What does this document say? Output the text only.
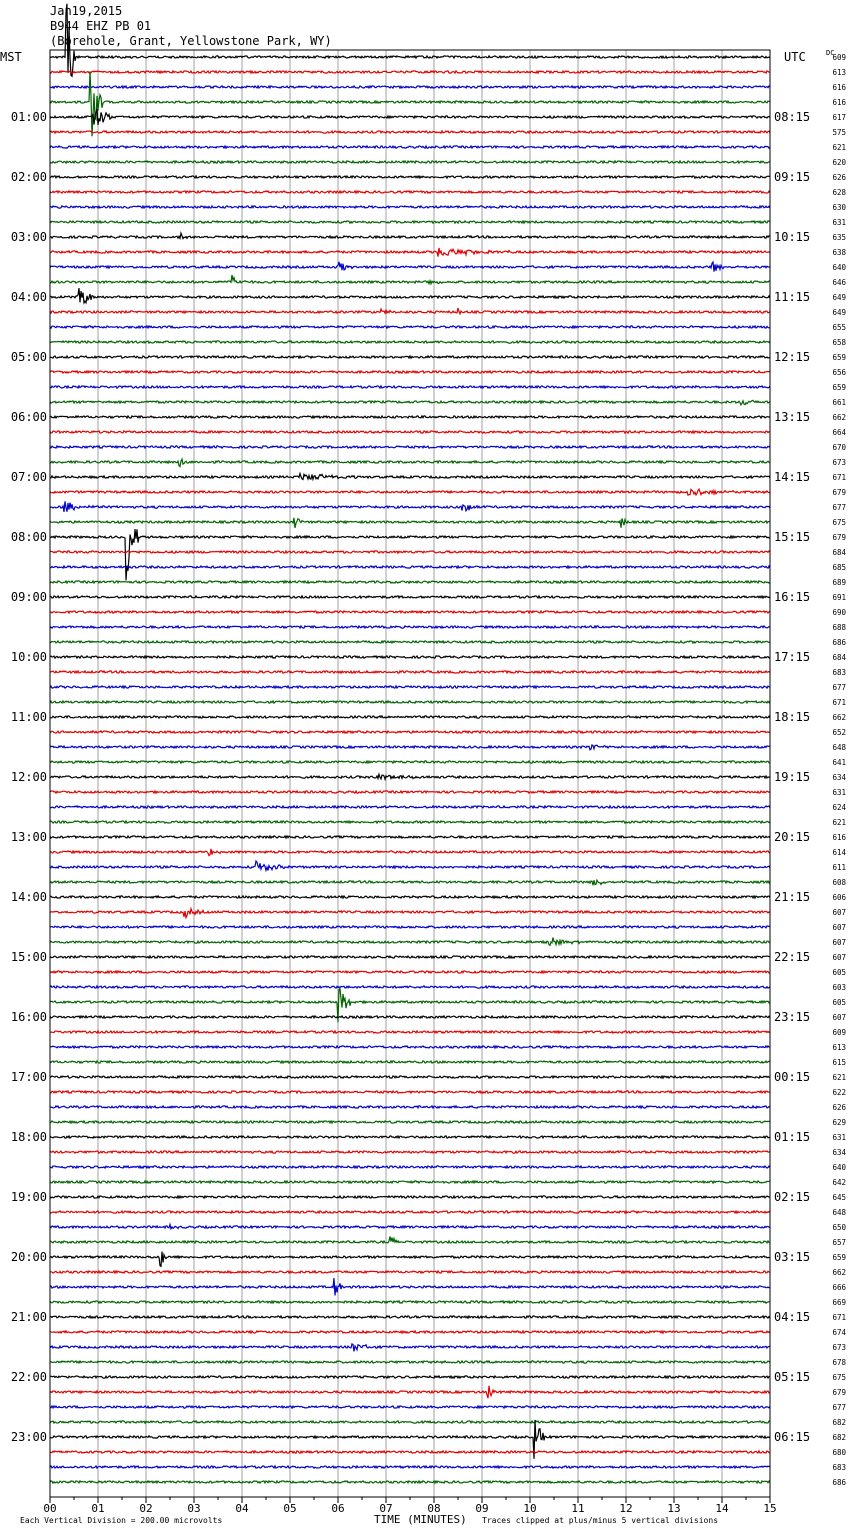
Jan19,2015
B944 EHZ PB 01
(Borehole, Grant, Yellowstone Park, WY)
MST	UTC	DC
00	01	02	03	04	05	06	07	08	09	10	11	12	13	14	15
609
613
616
616
617
575
621
620
626
628
630
631
635
638
640
646
649
649
655
658
659
656
659
661
662
664
670
673
671
679
677
675
679
684
685
689
691
690
688
686
684
683
677
671
662
652
648
641
634
631
624
621
616
614
611
608
606
607
607
607
607
605
603
605
607
609
613
615
621
622
626
629
631
634
640
642
645
648
650
657
659
662
666
669
671
674
673
678
675
679
677
682
682
680
683
686
01:00
02:00
03:00
04:00
05:00
06:00
07:00
08:00
09:00
10:00
11:00
12:00
13:00
14:00
15:00
16:00
17:00
18:00
19:00
20:00
21:00
22:00
23:00
08:15
09:15
10:15
11:15
12:15
13:15
14:15
15:15
16:15
17:15
18:15
19:15
20:15
21:15
22:15
23:15
00:15
01:15
02:15
03:15
04:15
05:15
06:15
Each Vertical Division = 200.00 microvolts	TIME (MINUTES) Traces clipped at plus/minus 5 vertical divisions
